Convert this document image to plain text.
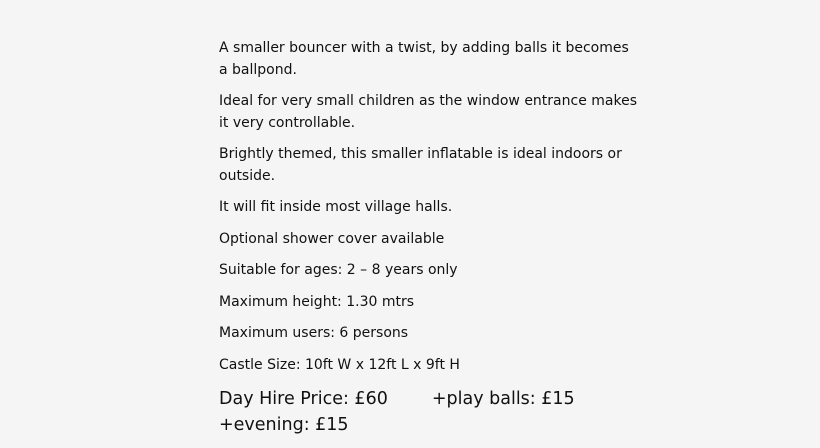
A smaller bouncer with a twist, by adding balls it becomes a ballpond.

Ideal for very small children as the window entrance makes it very controllable.

Brightly themed, this smaller inflatable is ideal indoors or outside.

It will fit inside most village halls.

Optional shower cover available

Suitable for ages: 2 – 8 years only

Maximum height: 1.30 mtrs

Maximum users: 6 persons

Castle Size: 10ft W x 12ft L x 9ft H

Day Hire Price: £60	+play balls: £15

+evening: £15
